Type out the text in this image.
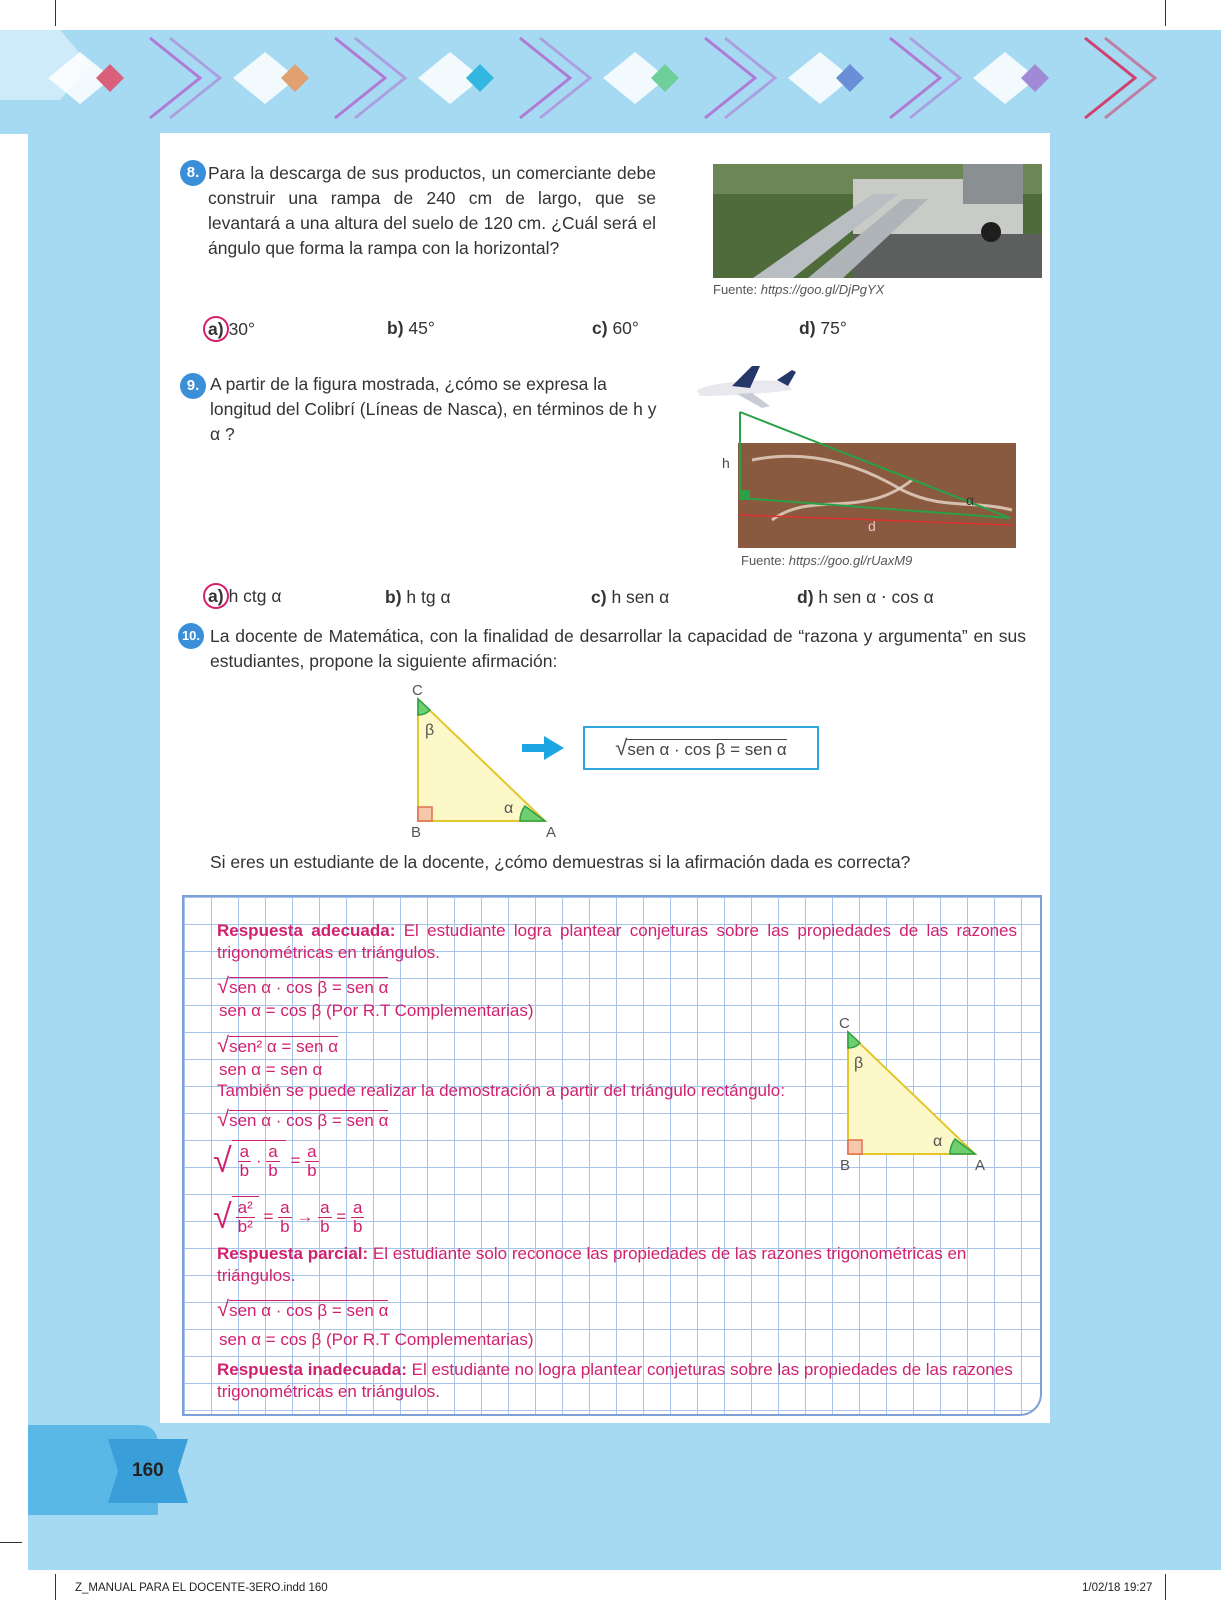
8. Para la descarga de sus productos, un comerciante debe construir una rampa de 240 cm de largo, que se levantará a una altura del suelo de 120 cm. ¿Cuál será el ángulo que forma la rampa con la horizontal?
Fuente: https://goo.gl/DjPgYX
a) 30°	b) 45°	c) 60°	d) 75°
9. A partir de la figura mostrada, ¿cómo se expresa la longitud del Colibrí (Líneas de Nasca), en términos de h y α ?
h
α
d
Fuente: https://goo.gl/rUaxM9
a) h ctg α	b) h tg α	c) h sen α	d) h sen α ⋅ cos α
10. La docente de Matemática, con la finalidad de desarrollar la capacidad de “razona y argumenta” en sus estudiantes, propone la siguiente afirmación:
C
β
α
B	A
√sen α · cos β = sen α
Si eres un estudiante de la docente, ¿cómo demuestras si la afirmación dada es correcta?
Respuesta adecuada: El estudiante logra plantear conjeturas sobre las propiedades de las razones trigonométricas en triángulos.
√sen α · cos β = sen α
sen α = cos β (Por R.T Complementarias)
√sen² α = sen α
sen α = sen α
También se puede realizar la demostración a partir del triángulo rectángulo:
√sen α · cos β = sen α
√ $\frac{a}{b} \cdot \frac{a}{b} = \frac{a}{b}$
√ $\frac{\text{a²}}{\text{b²}} = \frac{a}{b} \to \frac{a}{b} = \frac{a}{b}$
Respuesta parcial: El estudiante solo reconoce las propiedades de las razones trigonométricas en triángulos.
√sen α · cos β = sen α
sen α = cos β (Por R.T Complementarias)
Respuesta inadecuada: El estudiante no logra plantear conjeturas sobre las propiedades de las razones trigonométricas en triángulos.
C
β
α
B	A
160
Z_MANUAL PARA EL DOCENTE-3ERO.indd 160	1/02/18 19:27
